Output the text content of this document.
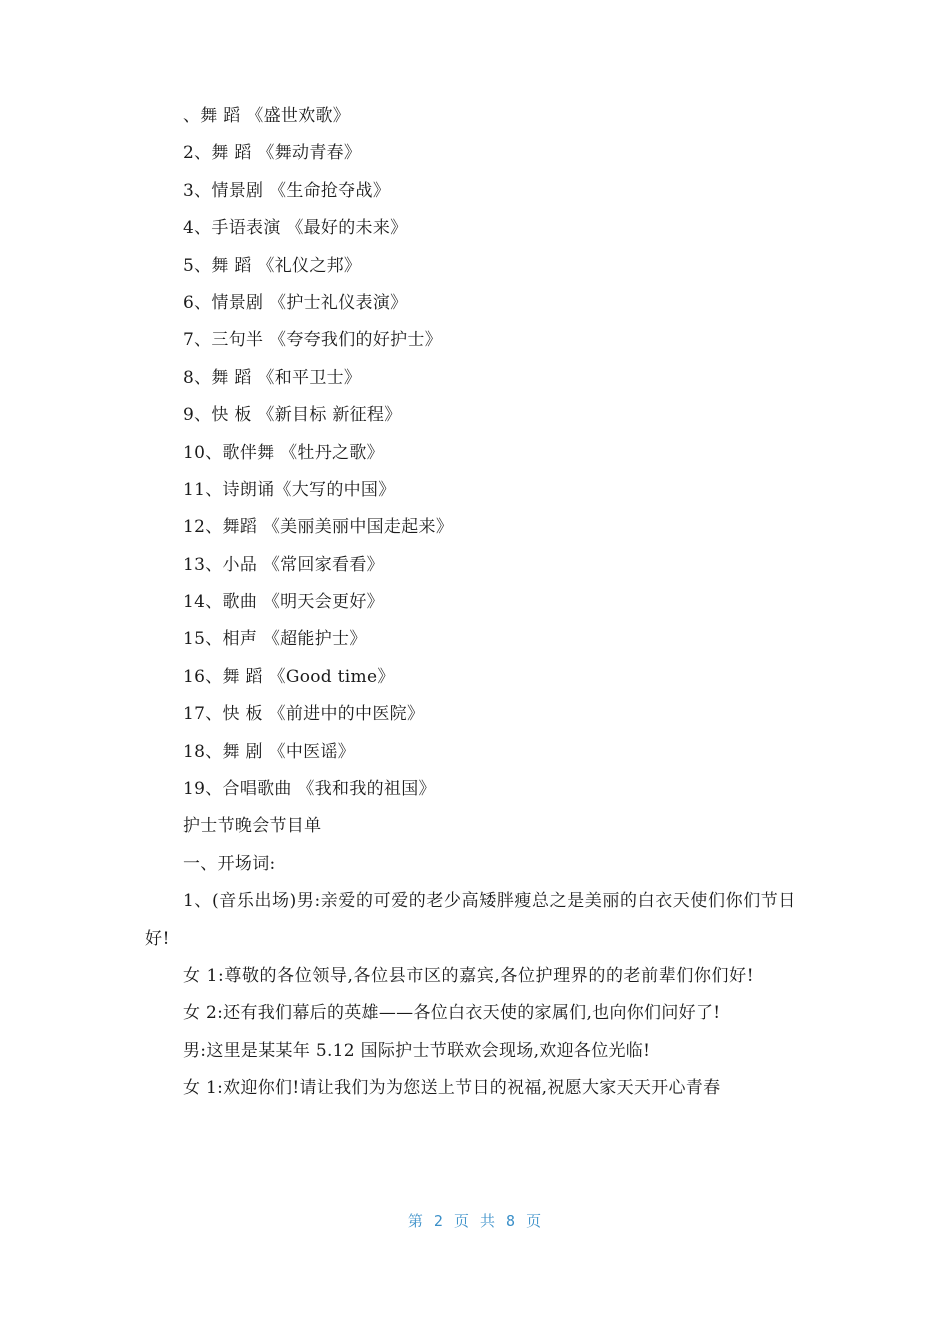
、舞 蹈 《盛世欢歌》
2、舞 蹈 《舞动青春》
3、情景剧 《生命抢夺战》
4、手语表演 《最好的未来》
5、舞 蹈 《礼仪之邦》
6、情景剧 《护士礼仪表演》
7、三句半 《夸夸我们的好护士》
8、舞 蹈 《和平卫士》
9、快 板 《新目标 新征程》
10、歌伴舞 《牡丹之歌》
11、诗朗诵《大写的中国》
12、舞蹈 《美丽美丽中国走起来》
13、小品 《常回家看看》
14、歌曲 《明天会更好》
15、相声 《超能护士》
16、舞 蹈 《Good time》
17、快 板 《前进中的中医院》
18、舞 剧 《中医谣》
19、合唱歌曲 《我和我的祖国》
护士节晚会节目单
一、开场词:
1、(音乐出场)男:亲爱的可爱的老少高矮胖瘦总之是美丽的白衣天使们你们节日好!
女 1:尊敬的各位领导,各位县市区的嘉宾,各位护理界的的老前辈们你们好!
女 2:还有我们幕后的英雄——各位白衣天使的家属们,也向你们问好了!
男:这里是某某年 5.12 国际护士节联欢会现场,欢迎各位光临!
女 1:欢迎你们!请让我们为为您送上节日的祝福,祝愿大家天天开心青春
第 2 页 共 8 页
